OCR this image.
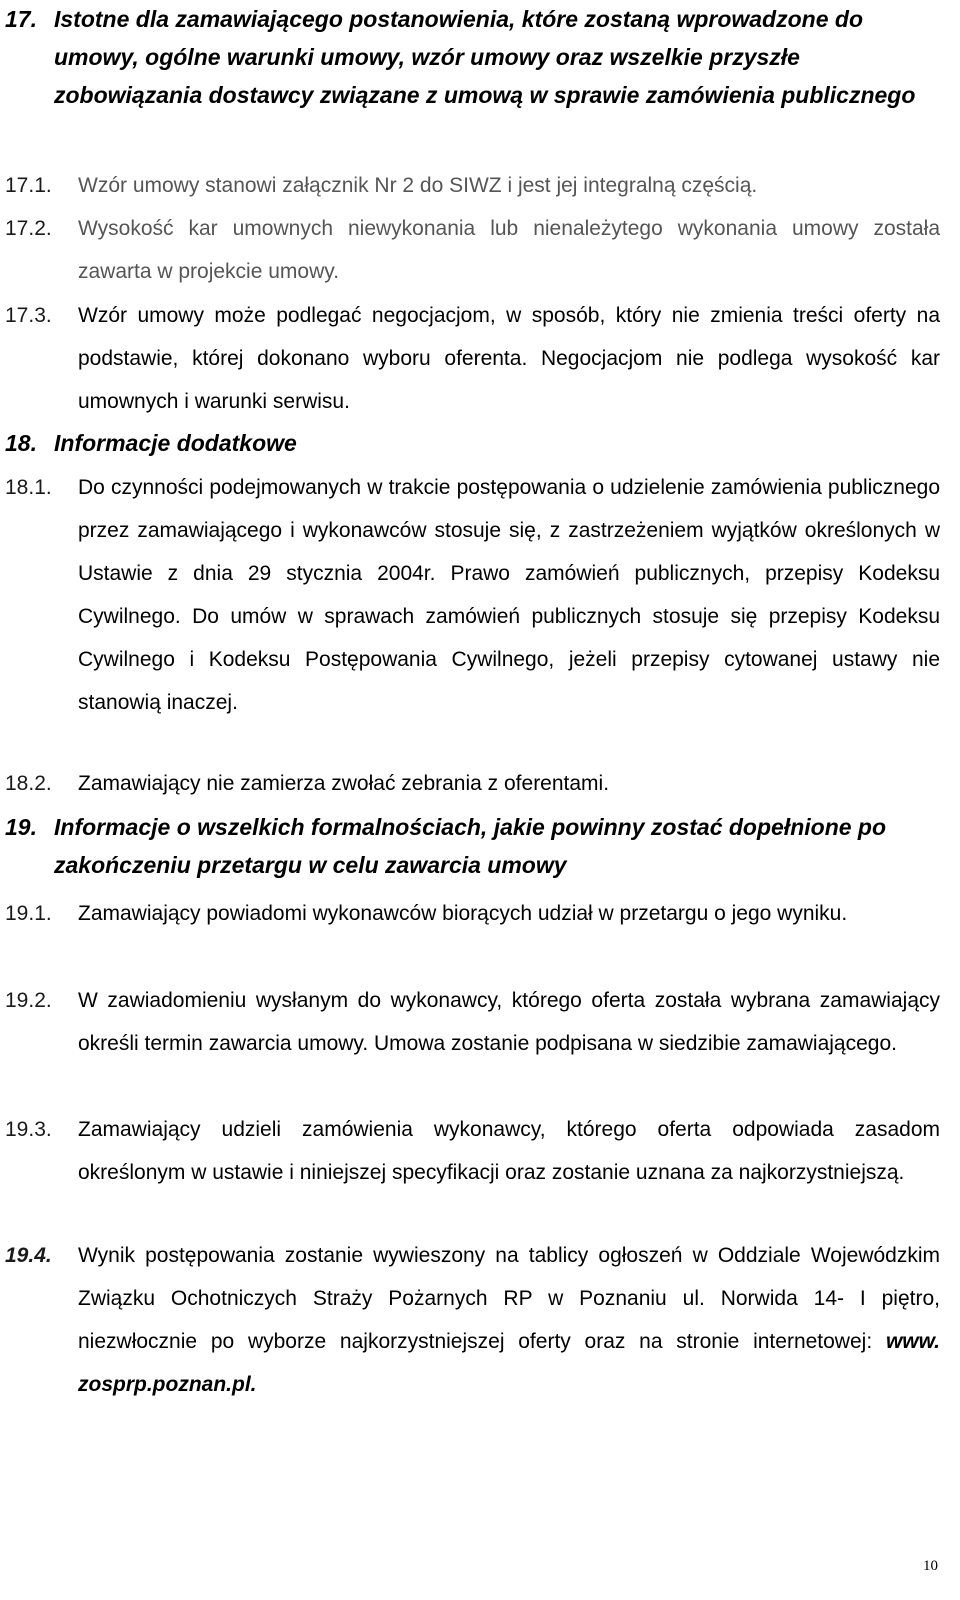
17. Istotne dla zamawiającego postanowienia, które zostaną wprowadzone do umowy, ogólne warunki umowy, wzór umowy oraz wszelkie przyszłe zobowiązania dostawcy związane z umową w sprawie zamówienia publicznego
17.1. Wzór umowy stanowi załącznik Nr 2 do SIWZ i jest jej integralną częścią.
17.2. Wysokość kar umownych niewykonania lub nienależytego wykonania umowy została zawarta w projekcie umowy.
17.3. Wzór umowy może podlegać negocjacjom, w sposób, który nie zmienia treści oferty na podstawie, której dokonano wyboru oferenta. Negocjacjom nie podlega wysokość kar umownych i warunki serwisu.
18. Informacje dodatkowe
18.1. Do czynności podejmowanych w trakcie postępowania o udzielenie zamówienia publicznego przez zamawiającego i wykonawców stosuje się, z zastrzeżeniem wyjątków określonych w Ustawie z dnia 29 stycznia 2004r. Prawo zamówień publicznych, przepisy Kodeksu Cywilnego. Do umów w sprawach zamówień publicznych stosuje się przepisy Kodeksu Cywilnego i Kodeksu Postępowania Cywilnego, jeżeli przepisy cytowanej ustawy nie stanowią inaczej.
18.2. Zamawiający nie zamierza zwołać zebrania z oferentami.
19. Informacje o wszelkich formalnościach, jakie powinny zostać dopełnione po zakończeniu przetargu w celu zawarcia umowy
19.1. Zamawiający powiadomi wykonawców biorących udział w przetargu o jego wyniku.
19.2. W zawiadomieniu wysłanym do wykonawcy, którego oferta została wybrana zamawiający określi termin zawarcia umowy. Umowa zostanie podpisana w siedzibie zamawiającego.
19.3. Zamawiający udzieli zamówienia wykonawcy, którego oferta odpowiada zasadom określonym w ustawie i niniejszej specyfikacji oraz zostanie uznana za najkorzystniejszą.
19.4. Wynik postępowania zostanie wywieszony na tablicy ogłoszeń w Oddziale Wojewódzkim Związku Ochotniczych Straży Pożarnych RP w Poznaniu ul. Norwida 14- I piętro, niezwłocznie po wyborze najkorzystniejszej oferty oraz na stronie internetowej: www. zosprp.poznan.pl.
10
